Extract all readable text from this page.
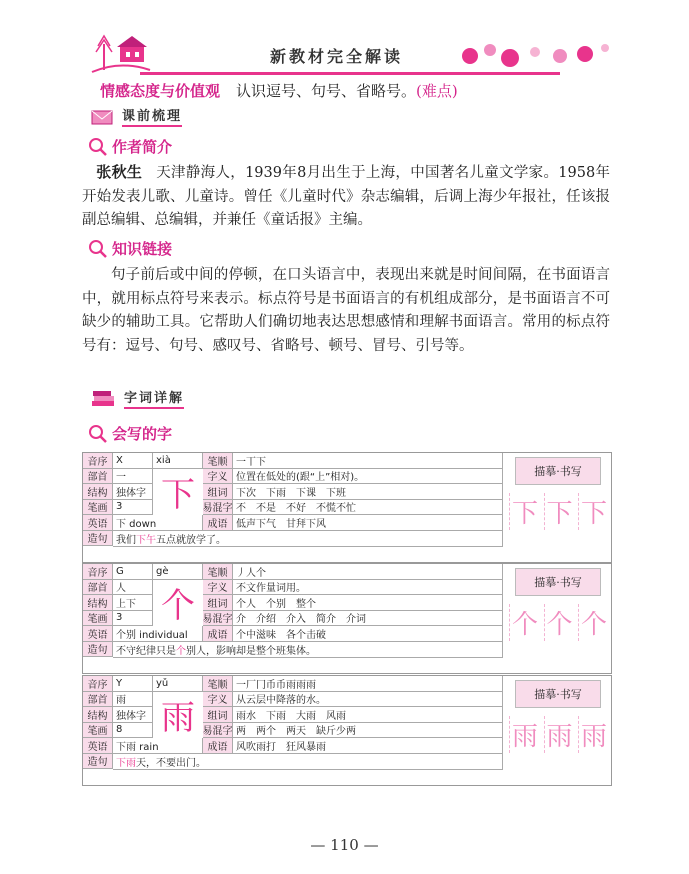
新教材完全解读
情感态度与价值观 认识逗号、句号、省略号。(难点)
课前梳理
作者简介
张秋生 天津静海人，1939年8月出生于上海，中国著名儿童文学家。1958年开始发表儿歌、儿童诗。曾任《儿童时代》杂志编辑，后调上海少年报社，任该报副总编辑、总编辑，并兼任《童话报》主编。
知识链接
句子前后或中间的停顿，在口头语言中，表现出来就是时间间隔，在书面语言中，就用标点符号来表示。标点符号是书面语言的有机组成部分，是书面语言不可缺少的辅助工具。它帮助人们确切地表达思想感情和理解书面语言。常用的标点符号有：逗号、句号、感叹号、省略号、顿号、冒号、引号等。
字词详解
会写的字
音序 X	xià	笔顺 一丅下
部首 一	字义 位置在低处的(跟“上”相对)。
结构 独体字	组词 下次　下雨　下课　下班
笔画 3	易混字 不　不是　不好　不慌不忙
英语 下 down	成语 低声下气　甘拜下风
造句 我们 下午 五点就放学了。
下
描摹·书写
下 下 下
音序 G	gè	笔顺 丿人个
部首 人	字义 不文作量词用。
结构 上下	组词 个人　个别　整个
笔画 3	易混字 介　介绍　介入　简介　介词
英语 个别 individual	成语 个中滋味　各个击破
造句 不守纪律只是 个 别人，影响却是整个班集体。
个
描摹·书写
个 个 个
音序 Y	yǔ	笔顺 一厂冂币币雨雨雨
部首 雨	字义 从云层中降落的水。
结构 独体字	组词 雨水　下雨　大雨　风雨
笔画 8	易混字 两　两个　两天　缺斤少两
英语 下雨 rain	成语 风吹雨打　狂风暴雨
造句 下雨 天，不要出门。
雨
描摹·书写
雨 雨 雨
— 110 —
